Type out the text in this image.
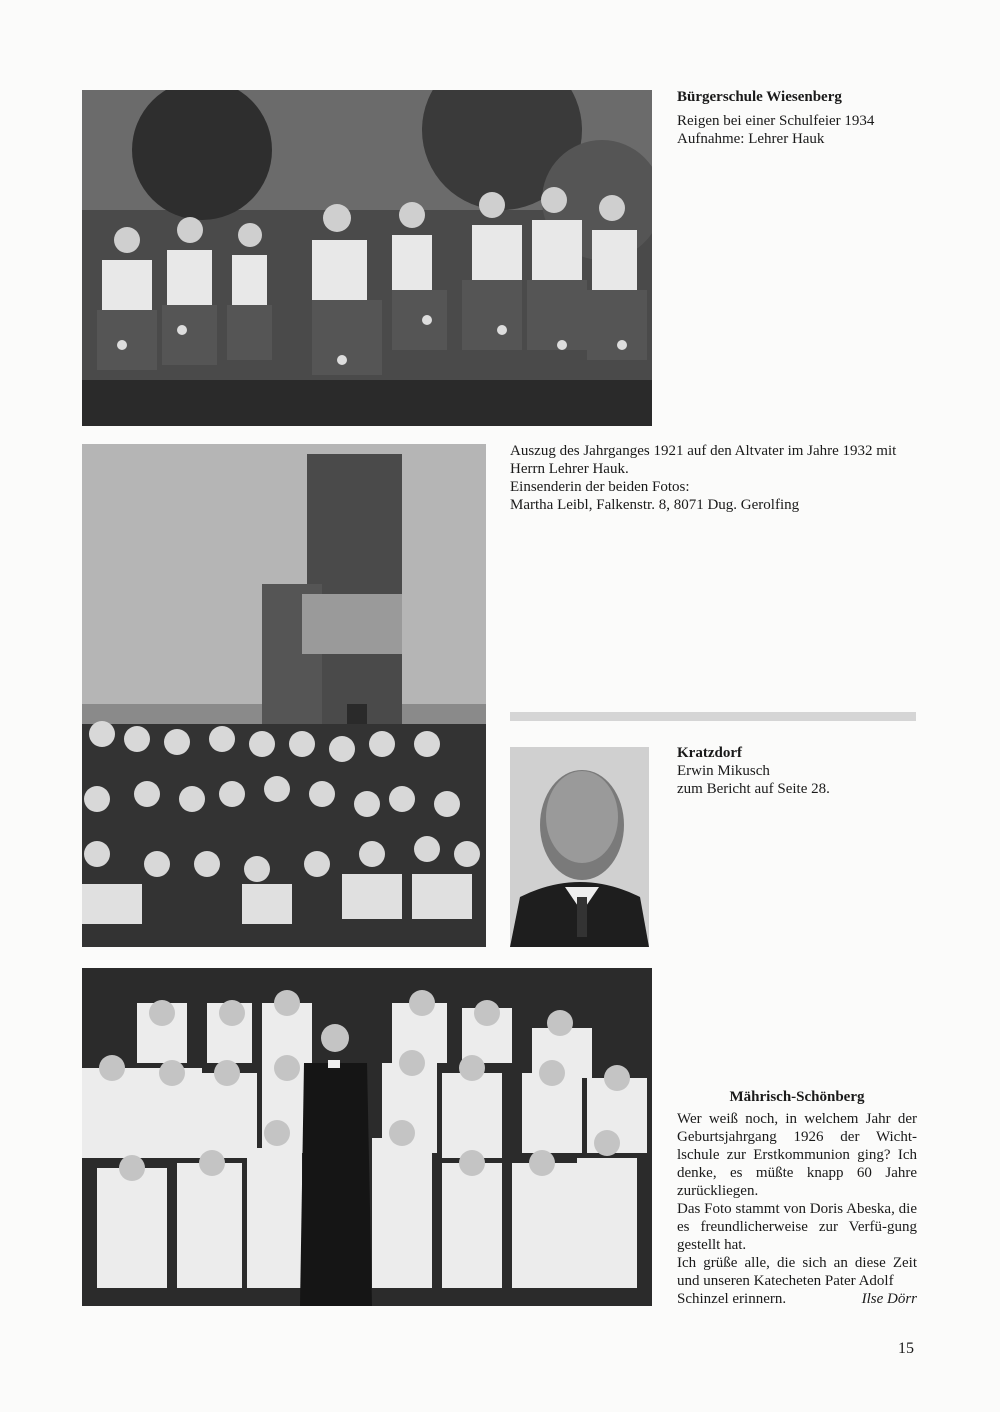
Bürgerschule Wiesenberg
Reigen bei einer Schulfeier 1934
Aufnahme: Lehrer Hauk
Auszug des Jahrganges 1921 auf den Altvater im Jahre 1932 mit
Herrn Lehrer Hauk.
Einsenderin der beiden Fotos:
Martha Leibl, Falkenstr. 8, 8071 Dug. Gerolfing
Kratzdorf
Erwin Mikusch
zum Bericht auf Seite 28.
Mährisch-Schönberg
Wer weiß noch, in welchem Jahr der Geburtsjahrgang 1926 der Wicht-lschule zur Erstkommunion ging? Ich denke, es müßte knapp 60 Jahre zurückliegen.
Das Foto stammt von Doris Abeska, die es freundlicherweise zur Verfü-gung gestellt hat.
Ich grüße alle, die sich an diese Zeit und unseren Katecheten Pater Adolf
Schinzel erinnern.	Ilse Dörr
15
